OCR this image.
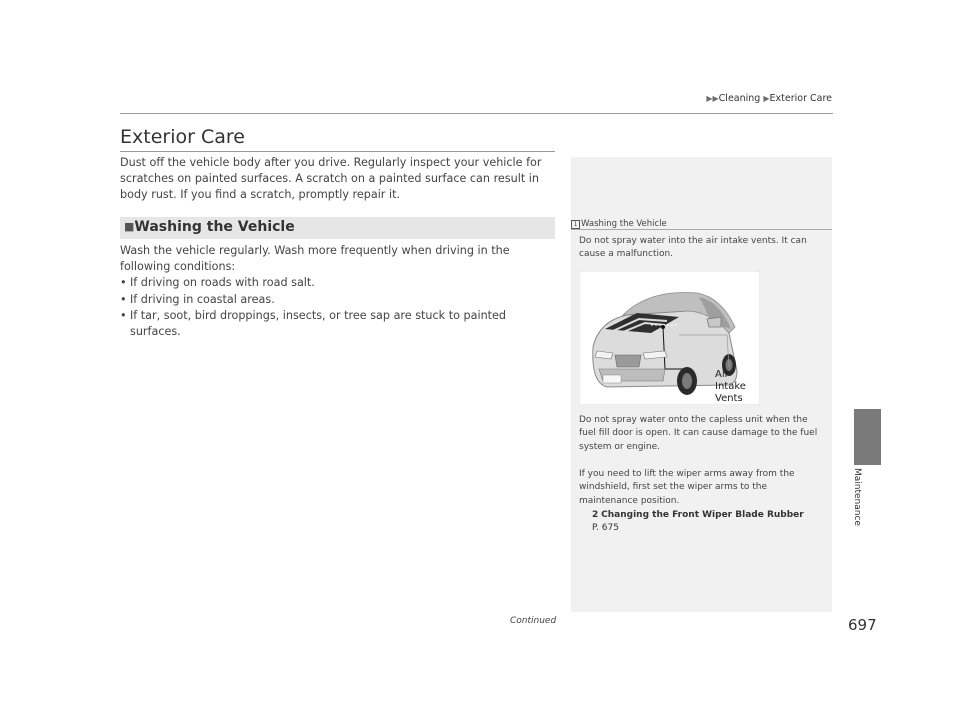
▶▶Cleaning ▶Exterior Care
Exterior Care
Dust off the vehicle body after you drive. Regularly inspect your vehicle for scratches on painted surfaces. A scratch on a painted surface can result in body rust. If you find a scratch, promptly repair it.
■Washing the Vehicle
Wash the vehicle regularly. Wash more frequently when driving in the following conditions:
• If driving on roads with road salt.
• If driving in coastal areas.
• If tar, soot, bird droppings, insects, or tree sap are stuck to painted surfaces.
1 Washing the Vehicle
Do not spray water into the air intake vents. It can cause a malfunction.
Air
Intake
Vents
Do not spray water onto the capless unit when the fuel fill door is open. It can cause damage to the fuel system or engine.
If you need to lift the wiper arms away from the windshield, first set the wiper arms to the maintenance position.
2 Changing the Front Wiper Blade Rubber
P. 675
Continued	697
Maintenance
